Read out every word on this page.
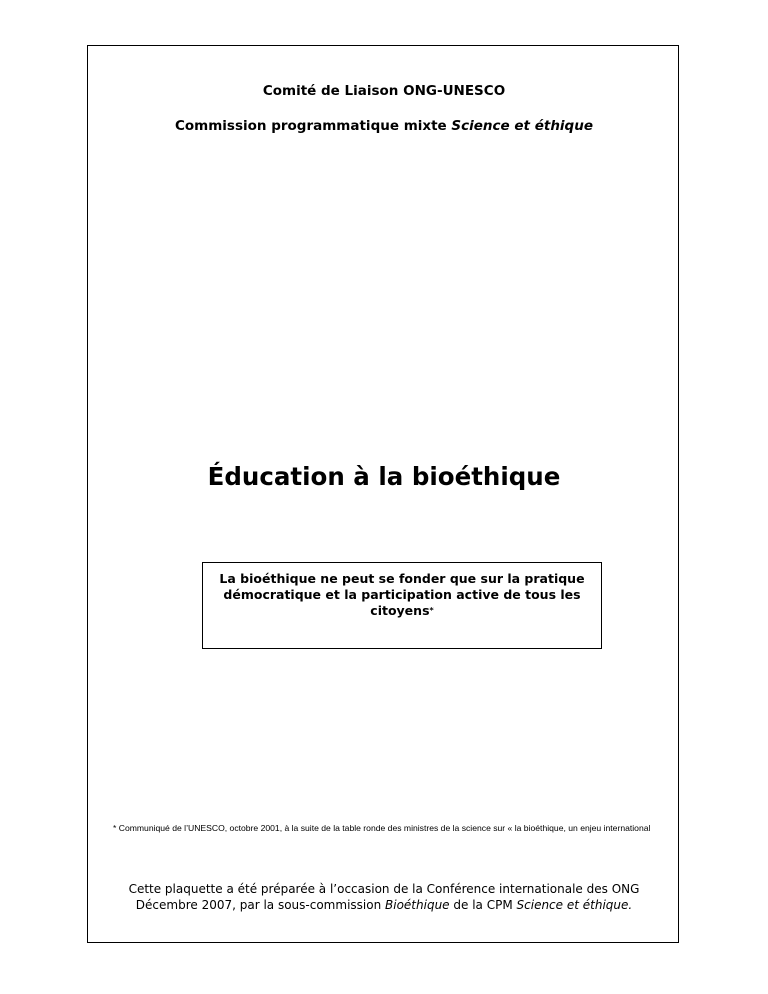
Comité de Liaison ONG-UNESCO
Commission programmatique mixte Science et éthique
Éducation à la bioéthique
La bioéthique ne peut se fonder que sur la pratique démocratique et la participation active de tous les citoyens*
* Communiqué de l’UNESCO, octobre 2001, à la suite de la table ronde des ministres de la science sur « la bioéthique, un enjeu international
Cette plaquette a été préparée à l’occasion de la Conférence internationale des ONG
Décembre 2007, par la sous-commission Bioéthique de la CPM Science et éthique.
